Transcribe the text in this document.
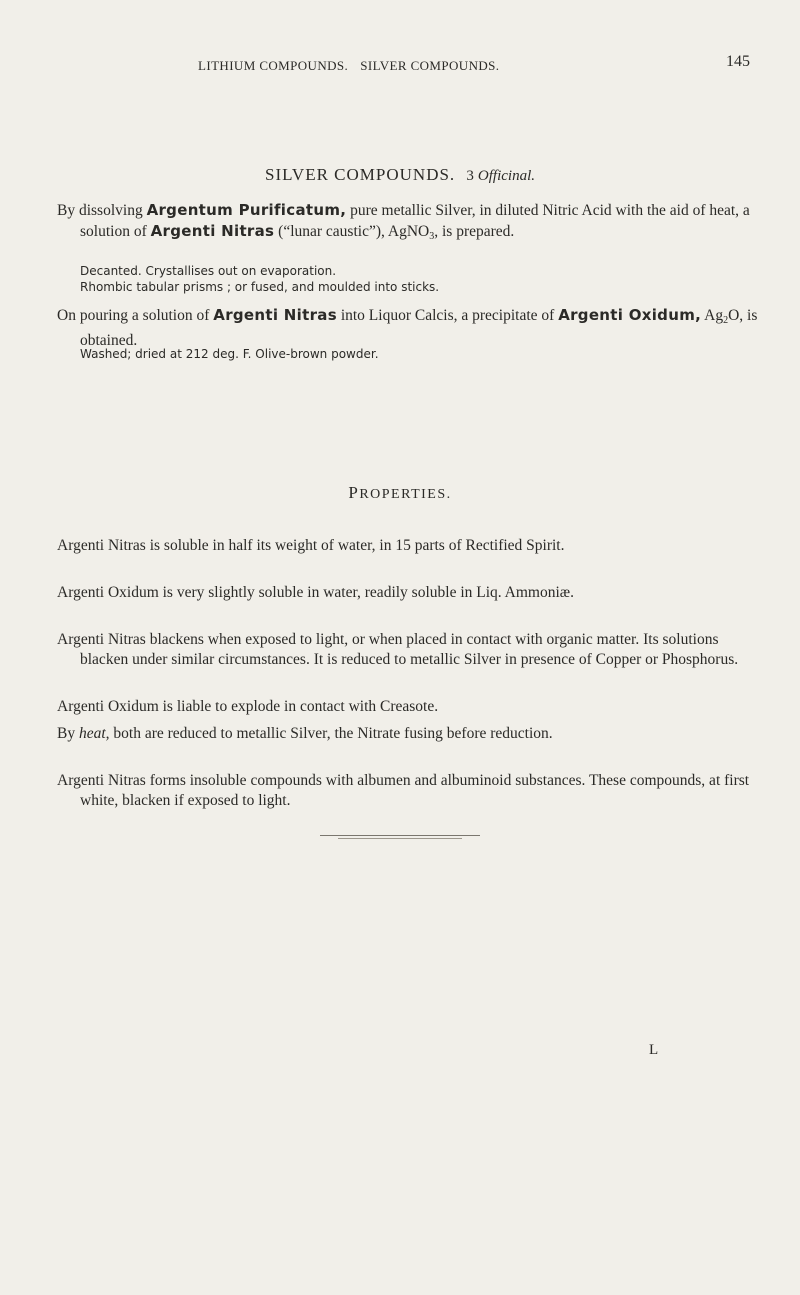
LITHIUM COMPOUNDS. SILVER COMPOUNDS.	145
SILVER COMPOUNDS. 3 Officinal.
By dissolving Argentum Purificatum, pure metallic Silver, in diluted Nitric Acid with the aid of heat, a solution of Argenti Nitras (“lunar caustic”), AgNO$_3$, is prepared.
Decanted. Crystallises out on evaporation.
Rhombic tabular prisms ; or fused, and moulded into sticks.
On pouring a solution of Argenti Nitras into Liquor Calcis, a precipitate of Argenti Oxidum, $Ag_2O$, is obtained.
Washed; dried at 212 deg. F. Olive-brown powder.
PROPERTIES.
Argenti Nitras is soluble in half its weight of water, in 15 parts of Rectified Spirit.
Argenti Oxidum is very slightly soluble in water, readily soluble in Liq. Ammoniæ.
Argenti Nitras blackens when exposed to light, or when placed in contact with organic matter. Its solutions blacken under similar circumstances. It is reduced to metallic Silver in presence of Copper or Phosphorus.
Argenti Oxidum is liable to explode in contact with Creasote.
By heat, both are reduced to metallic Silver, the Nitrate fusing before reduction.
Argenti Nitras forms insoluble compounds with albumen and albuminoid substances. These compounds, at first white, blacken if exposed to light.
L
